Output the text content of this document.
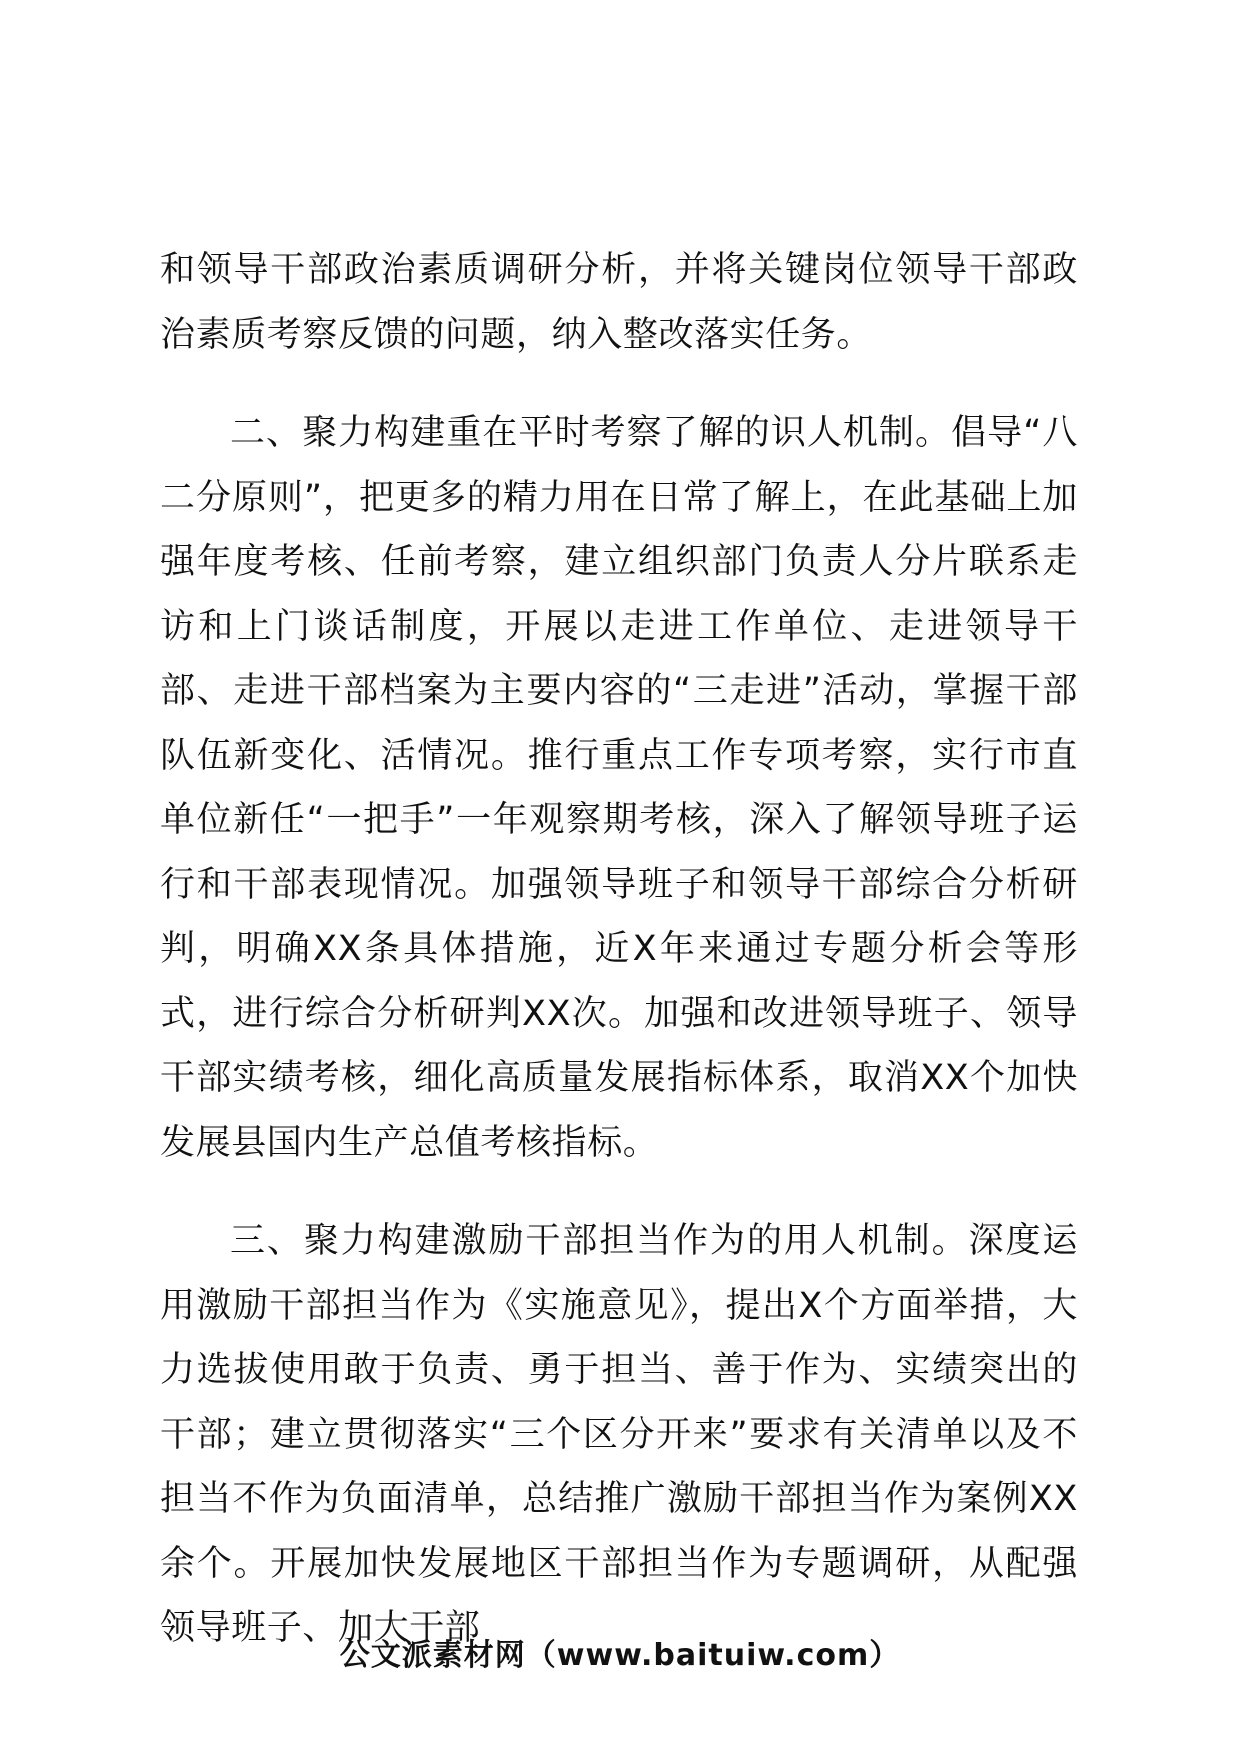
和领导干部政治素质调研分析，并将关键岗位领导干部政治素质考察反馈的问题，纳入整改落实任务。

二、聚力构建重在平时考察了解的识人机制。倡导“八二分原则”，把更多的精力用在日常了解上，在此基础上加强年度考核、任前考察，建立组织部门负责人分片联系走访和上门谈话制度，开展以走进工作单位、走进领导干部、走进干部档案为主要内容的“三走进”活动，掌握干部队伍新变化、活情况。推行重点工作专项考察，实行市直单位新任“一把手”一年观察期考核，深入了解领导班子运行和干部表现情况。加强领导班子和领导干部综合分析研判，明确XX条具体措施，近X年来通过专题分析会等形式，进行综合分析研判XX次。加强和改进领导班子、领导干部实绩考核，细化高质量发展指标体系，取消XX个加快发展县国内生产总值考核指标。

三、聚力构建激励干部担当作为的用人机制。深度运用激励干部担当作为《实施意见》，提出X个方面举措，大力选拔使用敢于负责、勇于担当、善于作为、实绩突出的干部；建立贯彻落实“三个区分开来”要求有关清单以及不担当不作为负面清单，总结推广激励干部担当作为案例XX余个。开展加快发展地区干部担当作为专题调研，从配强领导班子、加大干部

公文派素材网（www.baituiw.com）
